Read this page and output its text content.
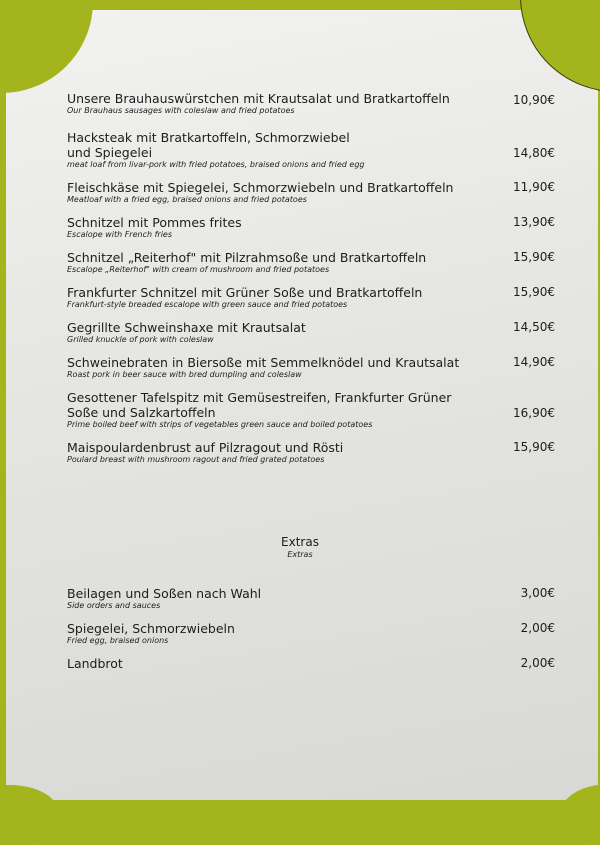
10,90€
Unsere Brauhauswürstchen mit Krautsalat und Bratkartoffeln
Our Brauhaus sausages with coleslaw and fried potatoes
14,80€
Hacksteak mit Bratkartoffeln, Schmorzwiebel und Spiegelei
meat loaf from livar-pork with fried potatoes, braised onions and fried egg
11,90€
Fleischkäse mit Spiegelei, Schmorzwiebeln und Bratkartoffeln
Meatloaf with a fried egg, braised onions and fried potatoes
13,90€
Schnitzel mit Pommes frites
Escalope with French fries
15,90€
Schnitzel „Reiterhof" mit Pilzrahmsoße und Bratkartoffeln
Escalope „Reiterhof" with cream of mushroom and fried potatoes
15,90€
Frankfurter Schnitzel mit Grüner Soße und Bratkartoffeln
Frankfurt-style breaded escalope with green sauce and fried potatoes
14,50€
Gegrillte Schweinshaxe mit Krautsalat
Grilled knuckle of pork with coleslaw
14,90€
Schweinebraten in Biersoße mit Semmelknödel und Krautsalat
Roast pork in beer sauce with bred dumpling and coleslaw
16,90€
Gesottener Tafelspitz mit Gemüsestreifen, Frankfurter Grüner Soße und Salzkartoffeln
Prime boiled beef with strips of vegetables green sauce and boiled potatoes
15,90€
Maispoulardenbrust auf Pilzragout und Rösti
Poulard breast with mushroom ragout and fried grated potatoes
Extras
Extras
3,00€
Beilagen und Soßen nach Wahl
Side orders and sauces
2,00€
Spiegelei, Schmorzwiebeln
Fried egg, braised onions
2,00€
Landbrot
